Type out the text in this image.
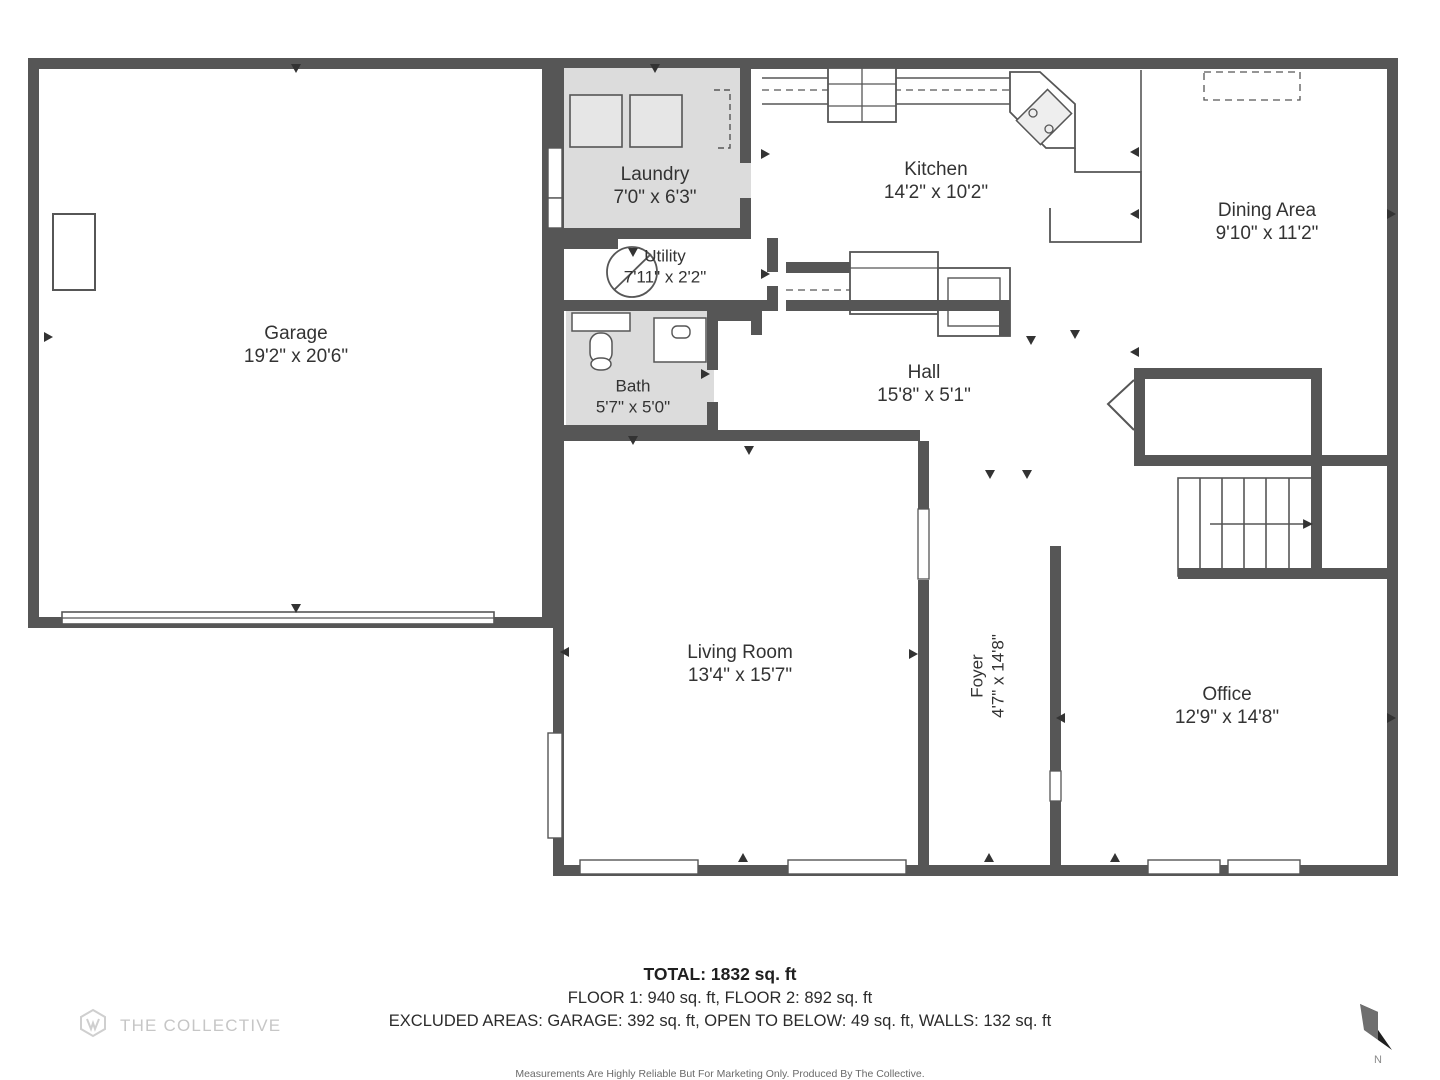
Garage
19'2" x 20'6"
Laundry
7'0" x 6'3"
Utility
7'11" x 2'2"
Bath
5'7" x 5'0"
Kitchen
14'2" x 10'2"
Dining Area
9'10" x 11'2"
Hall
15'8" x 5'1"
Living Room
13'4" x 15'7"	Foyer 4'7" x 14'8"	Office
12'9" x 14'8"
TOTAL: 1832 sq. ft
FLOOR 1: 940 sq. ft, FLOOR 2: 892 sq. ft
EXCLUDED AREAS: GARAGE: 392 sq. ft, OPEN TO BELOW: 49 sq. ft, WALLS: 132 sq. ft
Measurements Are Highly Reliable But For Marketing Only. Produced By The Collective.
THE COLLECTIVE
N
